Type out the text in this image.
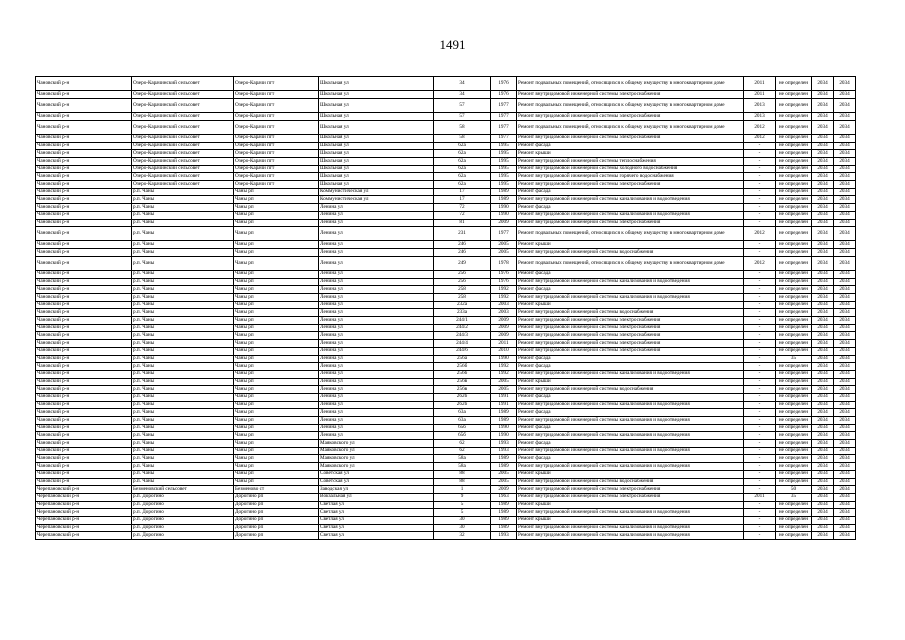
1491
Чановский р-н	Озеро-Карачинский сельсовет	Озеро-Карачи пгт	Школьная ул	34	1976	Ремонт подвальных помещений, относящихся к общему имуществу в многоквартирном доме	2011	не определен	2034	2034
Чановский р-н	Озеро-Карачинский сельсовет	Озеро-Карачи пгт	Школьная ул	34	1976	Ремонт внутридомовой инженерной системы электроснабжения	2011	не определен	2034	2034
Чановский р-н	Озеро-Карачинский сельсовет	Озеро-Карачи пгт	Школьная ул	57	1977	Ремонт подвальных помещений, относящихся к общему имуществу в многоквартирном доме	2013	не определен	2034	2034
Чановский р-н	Озеро-Карачинский сельсовет	Озеро-Карачи пгт	Школьная ул	57	1977	Ремонт внутридомовой инженерной системы электроснабжения	2013	не определен	2034	2034
Чановский р-н	Озеро-Карачинский сельсовет	Озеро-Карачи пгт	Школьная ул	58	1977	Ремонт подвальных помещений, относящихся к общему имуществу в многоквартирном доме	2012	не определен	2034	2034
Чановский р-н	Озеро-Карачинский сельсовет	Озеро-Карачи пгт	Школьная ул	58	1977	Ремонт внутридомовой инженерной системы электроснабжения	2012	не определен	2034	2034
Чановский р-н	Озеро-Карачинский сельсовет	Озеро-Карачи пгт	Школьная ул	62а	1995	Ремонт фасада	-	не определен	2034	2034
Чановский р-н	Озеро-Карачинский сельсовет	Озеро-Карачи пгт	Школьная ул	62а	1995	Ремонт крыши	-	не определен	2034	2034
Чановский р-н	Озеро-Карачинский сельсовет	Озеро-Карачи пгт	Школьная ул	62а	1995	Ремонт внутридомовой инженерной системы теплоснабжения	-	не определен	2034	2034
Чановский р-н	Озеро-Карачинский сельсовет	Озеро-Карачи пгт	Школьная ул	62а	1995	Ремонт внутридомовой инженерной системы холодного водоснабжения	-	не определен	2034	2034
Чановский р-н	Озеро-Карачинский сельсовет	Озеро-Карачи пгт	Школьная ул	62а	1995	Ремонт внутридомовой инженерной системы горячего водоснабжения	-	не определен	2034	2034
Чановский р-н	Озеро-Карачинский сельсовет	Озеро-Карачи пгт	Школьная ул	62а	1995	Ремонт внутридомовой инженерной системы электроснабжения	-	не определен	2034	2034
Чановский р-н	р.п. Чаны	Чаны рп	Коммунистическая ул	17	1989	Ремонт фасада	-	не определен	2034	2034
Чановский р-н	р.п. Чаны	Чаны рп	Коммунистическая ул	17	1989	Ремонт внутридомовой инженерной системы канализования и водоотведения	-	не определен	2034	2034
Чановский р-н	р.п. Чаны	Чаны рп	Ленина ул	72	1990	Ремонт фасада	-	не определен	2034	2034
Чановский р-н	р.п. Чаны	Чаны рп	Ленина ул	72	1990	Ремонт внутридомовой инженерной системы канализования и водоотведения	-	не определен	2034	2034
Чановский р-н	р.п. Чаны	Чаны рп	Ленина ул	81	2009	Ремонт внутридомовой инженерной системы электроснабжения	-	не определен	2034	2034
Чановский р-н	р.п. Чаны	Чаны рп	Ленина ул	231	1977	Ремонт подвальных помещений, относящихся к общему имуществу в многоквартирном доме	2012	не определен	2034	2034
Чановский р-н	р.п. Чаны	Чаны рп	Ленина ул	246	2005	Ремонт крыши	-	не определен	2034	2034
Чановский р-н	р.п. Чаны	Чаны рп	Ленина ул	246	2005	Ремонт внутридомовой инженерной системы водоснабжения	-	не определен	2034	2034
Чановский р-н	р.п. Чаны	Чаны рп	Ленина ул	249	1978	Ремонт подвальных помещений, относящихся к общему имуществу в многоквартирном доме	2012	не определен	2034	2034
Чановский р-н	р.п. Чаны	Чаны рп	Ленина ул	256	1976	Ремонт фасада	-	не определен	2034	2034
Чановский р-н	р.п. Чаны	Чаны рп	Ленина ул	256	1976	Ремонт внутридомовой инженерной системы канализования и водоотведения	-	не определен	2034	2034
Чановский р-н	р.п. Чаны	Чаны рп	Ленина ул	258	1992	Ремонт фасада	-	не определен	2034	2034
Чановский р-н	р.п. Чаны	Чаны рп	Ленина ул	258	1992	Ремонт внутридомовой инженерной системы канализования и водоотведения	-	не определен	2034	2034
Чановский р-н	р.п. Чаны	Чаны рп	Ленина ул	232а	2003	Ремонт крыши	-	не определен	2034	2034
Чановский р-н	р.п. Чаны	Чаны рп	Ленина ул	233а	2003	Ремонт внутридомовой инженерной системы водоснабжения	-	не определен	2034	2034
Чановский р-н	р.п. Чаны	Чаны рп	Ленина ул	244/1	2009	Ремонт внутридомовой инженерной системы электроснабжения	-	не определен	2034	2034
Чановский р-н	р.п. Чаны	Чаны рп	Ленина ул	244/2	2009	Ремонт внутридомовой инженерной системы электроснабжения	-	не определен	2034	2034
Чановский р-н	р.п. Чаны	Чаны рп	Ленина ул	244/3	2009	Ремонт внутридомовой инженерной системы электроснабжения	-	не определен	2034	2034
Чановский р-н	р.п. Чаны	Чаны рп	Ленина ул	244/4	2011	Ремонт внутридомовой инженерной системы электроснабжения	-	не определен	2034	2034
Чановский р-н	р.п. Чаны	Чаны рп	Ленина ул	244/6	2010	Ремонт внутридомовой инженерной системы электроснабжения	-	не определен	2034	2034
Чановский р-н	р.п. Чаны	Чаны рп	Ленина ул	256а	1990	Ремонт фасада	-	35	2034	2034
Чановский р-н	р.п. Чаны	Чаны рп	Ленина ул	256б	1992	Ремонт фасада	-	не определен	2034	2034
Чановский р-н	р.п. Чаны	Чаны рп	Ленина ул	256б	1992	Ремонт внутридомовой инженерной системы канализования и водоотведения	-	не определен	2034	2034
Чановский р-н	р.п. Чаны	Чаны рп	Ленина ул	256в	2005	Ремонт крыши	-	не определен	2034	2034
Чановский р-н	р.п. Чаны	Чаны рп	Ленина ул	256в	2005	Ремонт внутридомовой инженерной системы водоснабжения	-	не определен	2034	2034
Чановский р-н	р.п. Чаны	Чаны рп	Ленина ул	262б	1991	Ремонт фасада	-	не определен	2034	2034
Чановский р-н	р.п. Чаны	Чаны рп	Ленина ул	262б	1991	Ремонт внутридомовой инженерной системы канализования и водоотведения	-	не определен	2034	2034
Чановский р-н	р.п. Чаны	Чаны рп	Ленина ул	63а	1989	Ремонт фасада	-	не определен	2034	2034
Чановский р-н	р.п. Чаны	Чаны рп	Ленина ул	63а	1989	Ремонт внутридомовой инженерной системы канализования и водоотведения	-	не определен	2034	2034
Чановский р-н	р.п. Чаны	Чаны рп	Ленина ул	65б	1990	Ремонт фасада	-	не определен	2034	2034
Чановский р-н	р.п. Чаны	Чаны рп	Ленина ул	65б	1990	Ремонт внутридомовой инженерной системы канализования и водоотведения	-	не определен	2034	2034
Чановский р-н	р.п. Чаны	Чаны рп	Маяковского ул	62	1993	Ремонт фасада	-	не определен	2034	2034
Чановский р-н	р.п. Чаны	Чаны рп	Маяковского ул	62	1993	Ремонт внутридомовой инженерной системы канализования и водоотведения	-	не определен	2034	2034
Чановский р-н	р.п. Чаны	Чаны рп	Маяковского ул	58а	1989	Ремонт фасада	-	не определен	2034	2034
Чановский р-н	р.п. Чаны	Чаны рп	Маяковского ул	58а	1989	Ремонт внутридомовой инженерной системы канализования и водоотведения	-	не определен	2034	2034
Чановский р-н	р.п. Чаны	Чаны рп	Советская ул	88	2005	Ремонт крыши	-	не определен	2034	2034
Чановский р-н	р.п. Чаны	Чаны рп	Советская ул	88	2005	Ремонт внутридомовой инженерной системы водоснабжения	-	не определен	2034	2034
Черепановский р-н	Безменовский сельсовет	Безменово ст	Заводская ул	1	2009	Ремонт внутридомовой инженерной системы электроснабжения	-	50	2034	2034
Черепановский р-н	р.п. Дорогино	Дорогино рп	Вокзальная ул	9	1963	Ремонт внутридомовой инженерной системы электроснабжения	2011	35	2034	2034
Черепановский р-н	р.п. Дорогино	Дорогино рп	Светлая ул	5	1989	Ремонт крыши	-	не определен	2034	2034
Черепановский р-н	р.п. Дорогино	Дорогино рп	Светлая ул	5	1989	Ремонт внутридомовой инженерной системы канализования и водоотведения	-	не определен	2034	2034
Черепановский р-н	р.п. Дорогино	Дорогино рп	Светлая ул	30	1989	Ремонт крыши	-	не определен	2034	2034
Черепановский р-н	р.п. Дорогино	Дорогино рп	Светлая ул	30	1989	Ремонт внутридомовой инженерной системы канализования и водоотведения	-	не определен	2034	2034
Черепановский р-н	р.п. Дорогино	Дорогино рп	Светлая ул	32	1993	Ремонт внутридомовой инженерной системы канализования и водоотведения	-	не определен	2034	2034
